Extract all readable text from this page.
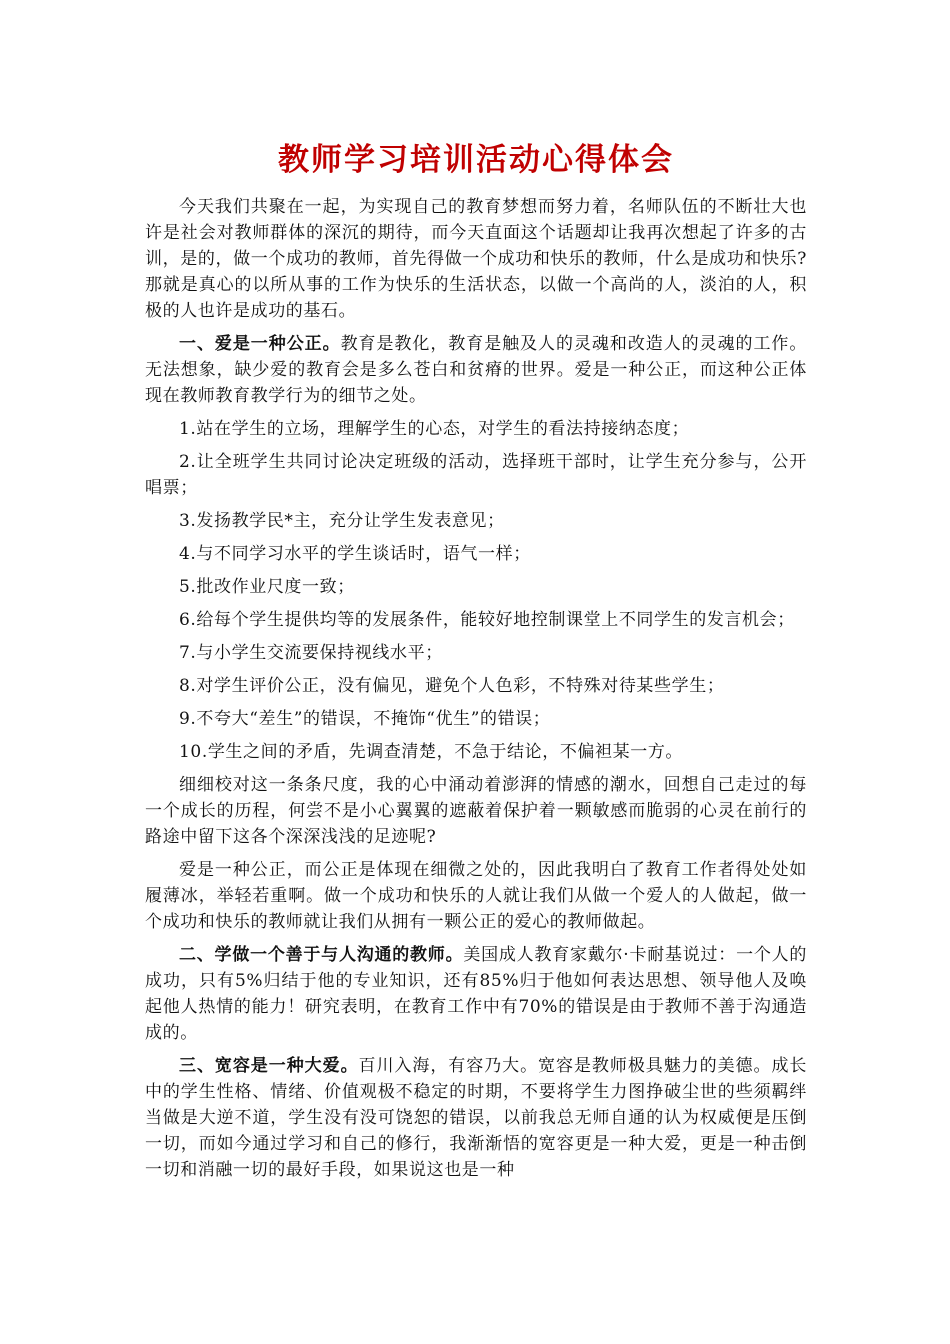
教师学习培训活动心得体会

今天我们共聚在一起，为实现自己的教育梦想而努力着，名师队伍的不断壮大也许是社会对教师群体的深沉的期待，而今天直面这个话题却让我再次想起了许多的古训，是的，做一个成功的教师，首先得做一个成功和快乐的教师，什么是成功和快乐?那就是真心的以所从事的工作为快乐的生活状态，以做一个高尚的人，淡泊的人，积极的人也许是成功的基石。

一、爱是一种公正。教育是教化，教育是触及人的灵魂和改造人的灵魂的工作。无法想象，缺少爱的教育会是多么苍白和贫瘠的世界。爱是一种公正，而这种公正体现在教师教育教学行为的细节之处。

1.站在学生的立场，理解学生的心态，对学生的看法持接纳态度；

2.让全班学生共同讨论决定班级的活动，选择班干部时，让学生充分参与，公开唱票；

3.发扬教学民*主，充分让学生发表意见；

4.与不同学习水平的学生谈话时，语气一样；

5.批改作业尺度一致；

6.给每个学生提供均等的发展条件，能较好地控制课堂上不同学生的发言机会；

7.与小学生交流要保持视线水平；

8.对学生评价公正，没有偏见，避免个人色彩，不特殊对待某些学生；

9.不夸大“差生”的错误，不掩饰“优生”的错误；

10.学生之间的矛盾，先调查清楚，不急于结论，不偏袒某一方。

细细校对这一条条尺度，我的心中涌动着澎湃的情感的潮水，回想自己走过的每一个成长的历程，何尝不是小心翼翼的遮蔽着保护着一颗敏感而脆弱的心灵在前行的路途中留下这各个深深浅浅的足迹呢?

爱是一种公正，而公正是体现在细微之处的，因此我明白了教育工作者得处处如履薄冰，举轻若重啊。做一个成功和快乐的人就让我们从做一个爱人的人做起，做一个成功和快乐的教师就让我们从拥有一颗公正的爱心的教师做起。

二、学做一个善于与人沟通的教师。美国成人教育家戴尔·卡耐基说过：一个人的成功，只有5%归结于他的专业知识，还有85%归于他如何表达思想、领导他人及唤起他人热情的能力！研究表明，在教育工作中有70%的错误是由于教师不善于沟通造成的。

三、宽容是一种大爱。百川入海，有容乃大。宽容是教师极具魅力的美德。成长中的学生性格、情绪、价值观极不稳定的时期，不要将学生力图挣破尘世的些须羁绊当做是大逆不道，学生没有没可饶恕的错误，以前我总无师自通的认为权威便是压倒一切，而如今通过学习和自己的修行，我渐渐悟的宽容更是一种大爱，更是一种击倒一切和消融一切的最好手段，如果说这也是一种
